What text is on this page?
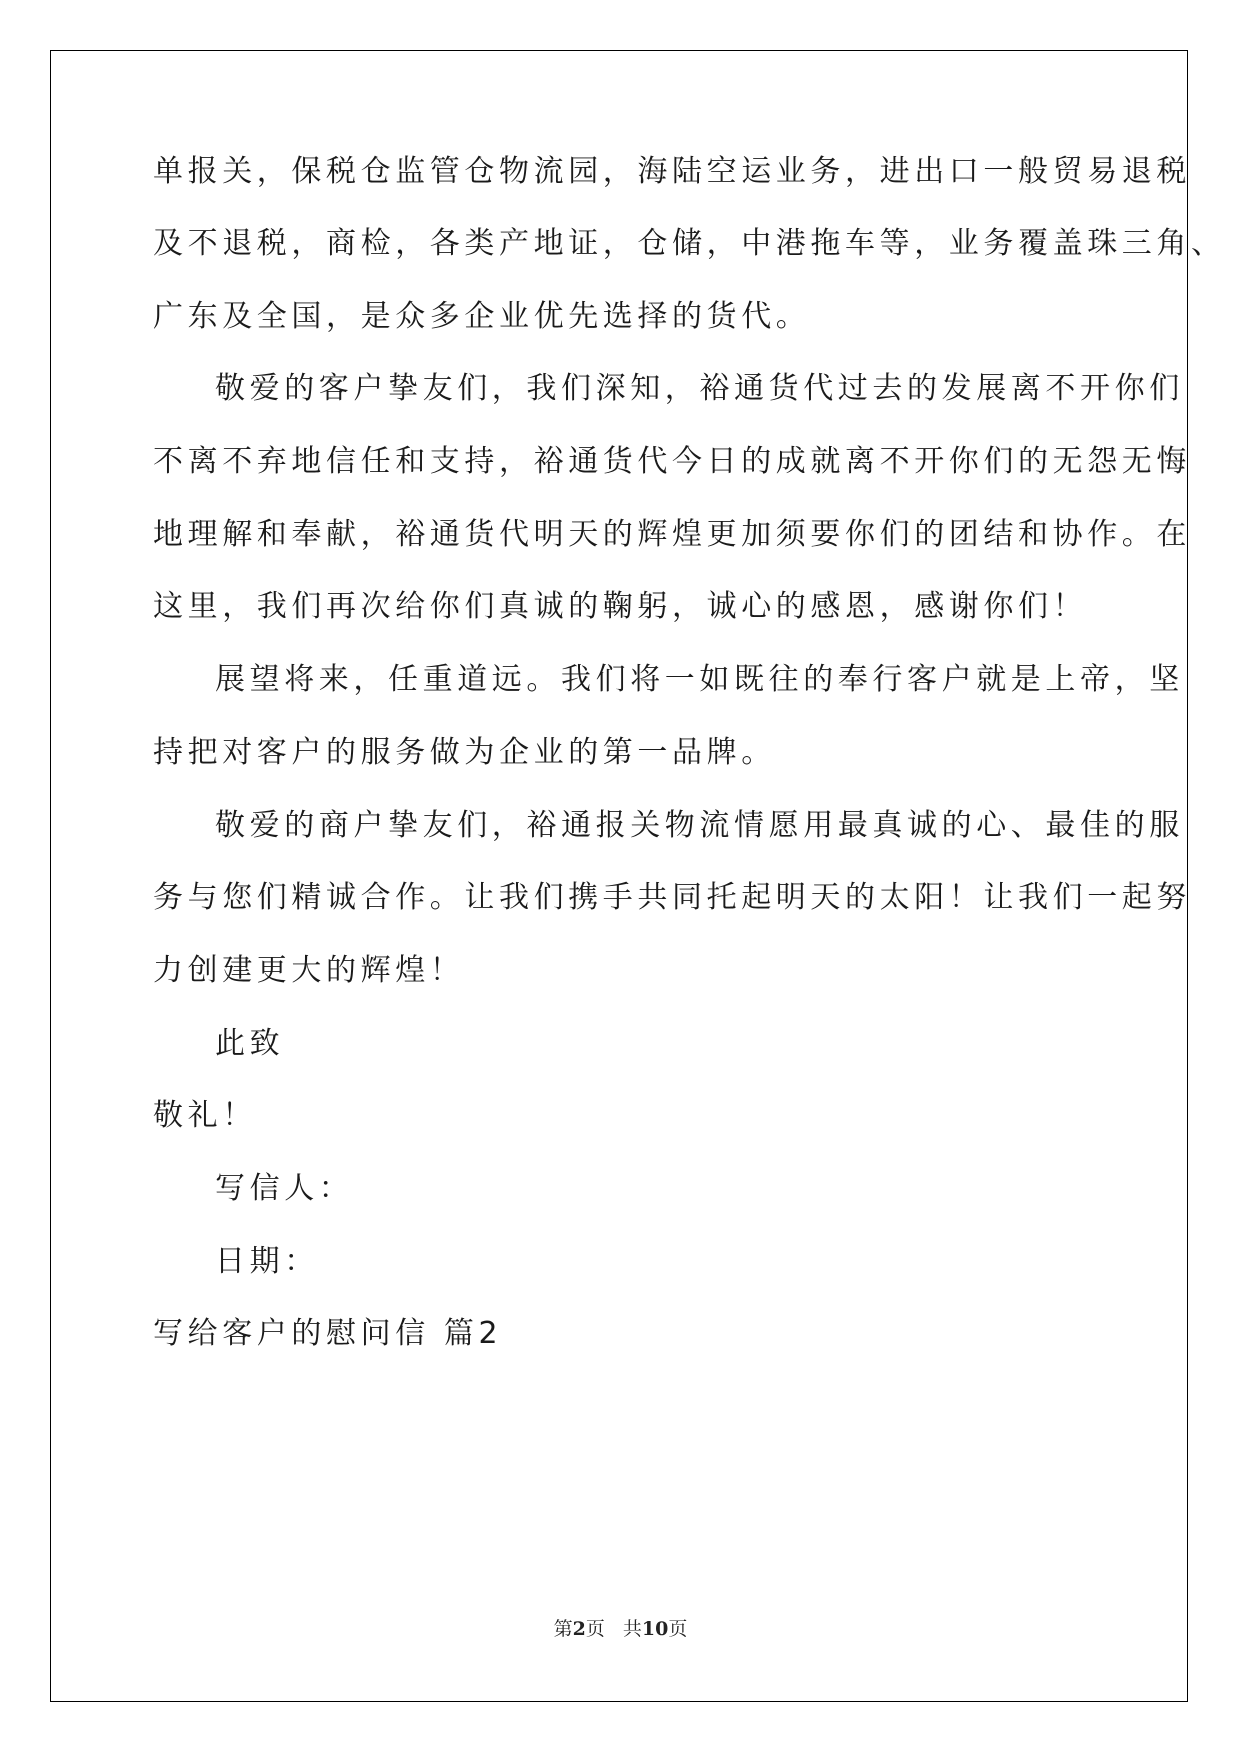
单报关，保税仓监管仓物流园，海陆空运业务，进出口一般贸易退税
及不退税，商检，各类产地证，仓储，中港拖车等，业务覆盖珠三角、
广东及全国，是众多企业优先选择的货代。
敬爱的客户挚友们，我们深知，裕通货代过去的发展离不开你们
不离不弃地信任和支持，裕通货代今日的成就离不开你们的无怨无悔
地理解和奉献，裕通货代明天的辉煌更加须要你们的团结和协作。在
这里，我们再次给你们真诚的鞠躬，诚心的感恩，感谢你们！
展望将来，任重道远。我们将一如既往的奉行客户就是上帝，坚
持把对客户的服务做为企业的第一品牌。
敬爱的商户挚友们，裕通报关物流情愿用最真诚的心、最佳的服
务与您们精诚合作。让我们携手共同托起明天的太阳！让我们一起努
力创建更大的辉煌！
此致
敬礼！
写信人：
日期：
写给客户的慰问信 篇2
第2页 共10页
